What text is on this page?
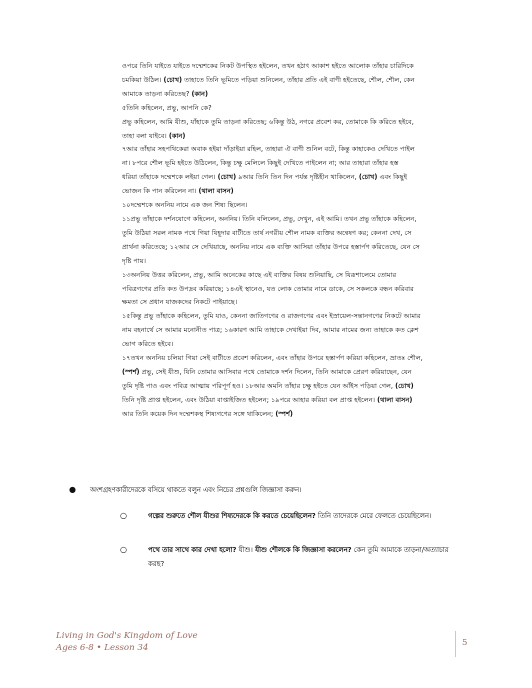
ওপরে তিনি যাইতে যাইতে দম্মেশকের নিকট উপস্থিত হইলেন, তখন হঠাৎ আকাশ হইতে আলোক তাঁহার চারিদিকে

চমকিয়া উঠিল। (চোখ) তাহাতে তিনি ভূমিতে পড়িয়া শুনিলেন, তাঁহার প্রতি এই বাণী হইতেছে, শৌল, শৌল, কেন

আমাকে তাড়না করিতেছ? (কান)

৫তিনি কহিলেন, প্রভু, আপনি কে?

প্রভু কহিলেন, আমি যীশু, যাঁহাকে তুমি তাড়না করিতেছ; ৬কিন্তু উঠ, নগরে প্রবেশ কর, তোমাকে কি করিতে হইবে,

তাহা বলা যাইবে। (কান)

৭আর তাঁহার সহপথিকেরা অবাক হইয়া দাঁড়াইয়া রহিল, তাহারা ঐ বাণী শুনিল বটে, কিন্তু কাহাকেও দেখিতে পাইল

না। ৮পরে শৌল ভূমি হইতে উঠিলেন, কিন্তু চক্ষু মেলিলে কিছুই দেখিতে পাইলেন না; আর তাহারা তাঁহার হস্ত

ধরিয়া তাঁহাকে দম্মেশকে লইয়া গেল। (চোখ) ৯আর তিনি তিন দিন পর্যন্ত দৃষ্টিহীন থাকিলেন, (চোখ) এবং কিছুই

ভোজন কি পান করিলেন না। (থালা বাসন)

১০দম্মেশকে অননিয় নামে এক জন শিষ্য ছিলেন।

১১প্রভু তাঁহাকে দর্শনযোগে কহিলেন, অননিয়। তিনি বলিলেন, প্রভু, দেখুন, এই আমি। তখন প্রভু তাঁহাকে কহিলেন,

তুমি উঠিয়া সরল নামক পথে গিয়া যিহূদার বাটীতে তার্ষ নগরীয় শৌল নামক ব্যক্তির অন্বেষণ কর; কেননা দেখ, সে

প্রার্থনা করিতেছে; ১২আর সে দেখিয়াছে, অননিয় নামে এক ব্যক্তি আসিয়া তাঁহার উপরে হস্তার্পণ করিতেছে, যেন সে

দৃষ্টি পায়।

১৩অননিয় উত্তর করিলেন, প্রভু, আমি অনেকের কাছে এই ব্যক্তির বিষয় শুনিয়াছি, সে যিরূশালেমে তোমার

পবিত্রগণের প্রতি কত উপদ্রব করিয়াছে; ১৪এই স্থানেও, যত লোক তোমার নামে ডাকে, সে সকলকে বন্ধন করিবার

ক্ষমতা সে প্রধান যাজকদের নিকটে পাইয়াছে।

১৫কিন্তু প্রভু তাঁহাকে কহিলেন, তুমি যাও, কেননা জাতিগণের ও রাজগণের এবং ইস্রায়েল-সন্তানগণের নিকটে আমার

নাম বহনার্থে সে আমার মনোনীত পাত্র; ১৬কারণ আমি তাহাকে দেখাইয়া দিব, আমার নামের জন্য তাহাকে কত ক্লেশ

ভোগ করিতে হইবে।

১৭তখন অননিয় চলিয়া গিয়া সেই বাটীতে প্রবেশ করিলেন, এবং তাঁহার উপরে হস্তার্পণ করিয়া কহিলেন, ভ্রাতঃ শৌল,

(স্পর্শ) প্রভু, সেই যীশু, যিনি তোমার আসিবার পথে তোমাকে দর্শন দিলেন, তিনি আমাকে প্রেরণ করিয়াছেন, যেন

তুমি দৃষ্টি পাও এবং পবিত্র আত্মায় পরিপূর্ণ হও। ১৮আর অমনি তাঁহার চক্ষু হইতে যেন আঁইস পড়িয়া গেল, (চোখ)

তিনি দৃষ্টি প্রাপ্ত হইলেন, এবং উঠিয়া বাপ্তাইজিত হইলেন; ১৯পরে আহার করিয়া বল প্রাপ্ত হইলেন। (থালা বাসন)

আর তিনি কয়েক দিন দম্মেশকস্থ শিষ্যগণের সঙ্গে থাকিলেন; (স্পর্শ)

● অংশগ্রহণকারীদেরকে বসিয়ে থাকতে বলুন এবং নিচের প্রশ্নগুলি জিজ্ঞাসা করুন।
○	গল্পের শুরুতে শৌল যীশুর শিষ্যদেরকে কি করতে চেয়েছিলেন? তিনি তাদেরকে মেরে ফেলতে চেয়েছিলেন।

○	পথে তার সাথে কার দেখা হলো? যীশু। যীশু শৌলকে কি জিজ্ঞাসা করলেন? কেন তুমি আমাকে তাড়না/অত্যাচার করছ?

Living in God's Kingdom of Love
Ages 6-8 • Lesson 34	5
